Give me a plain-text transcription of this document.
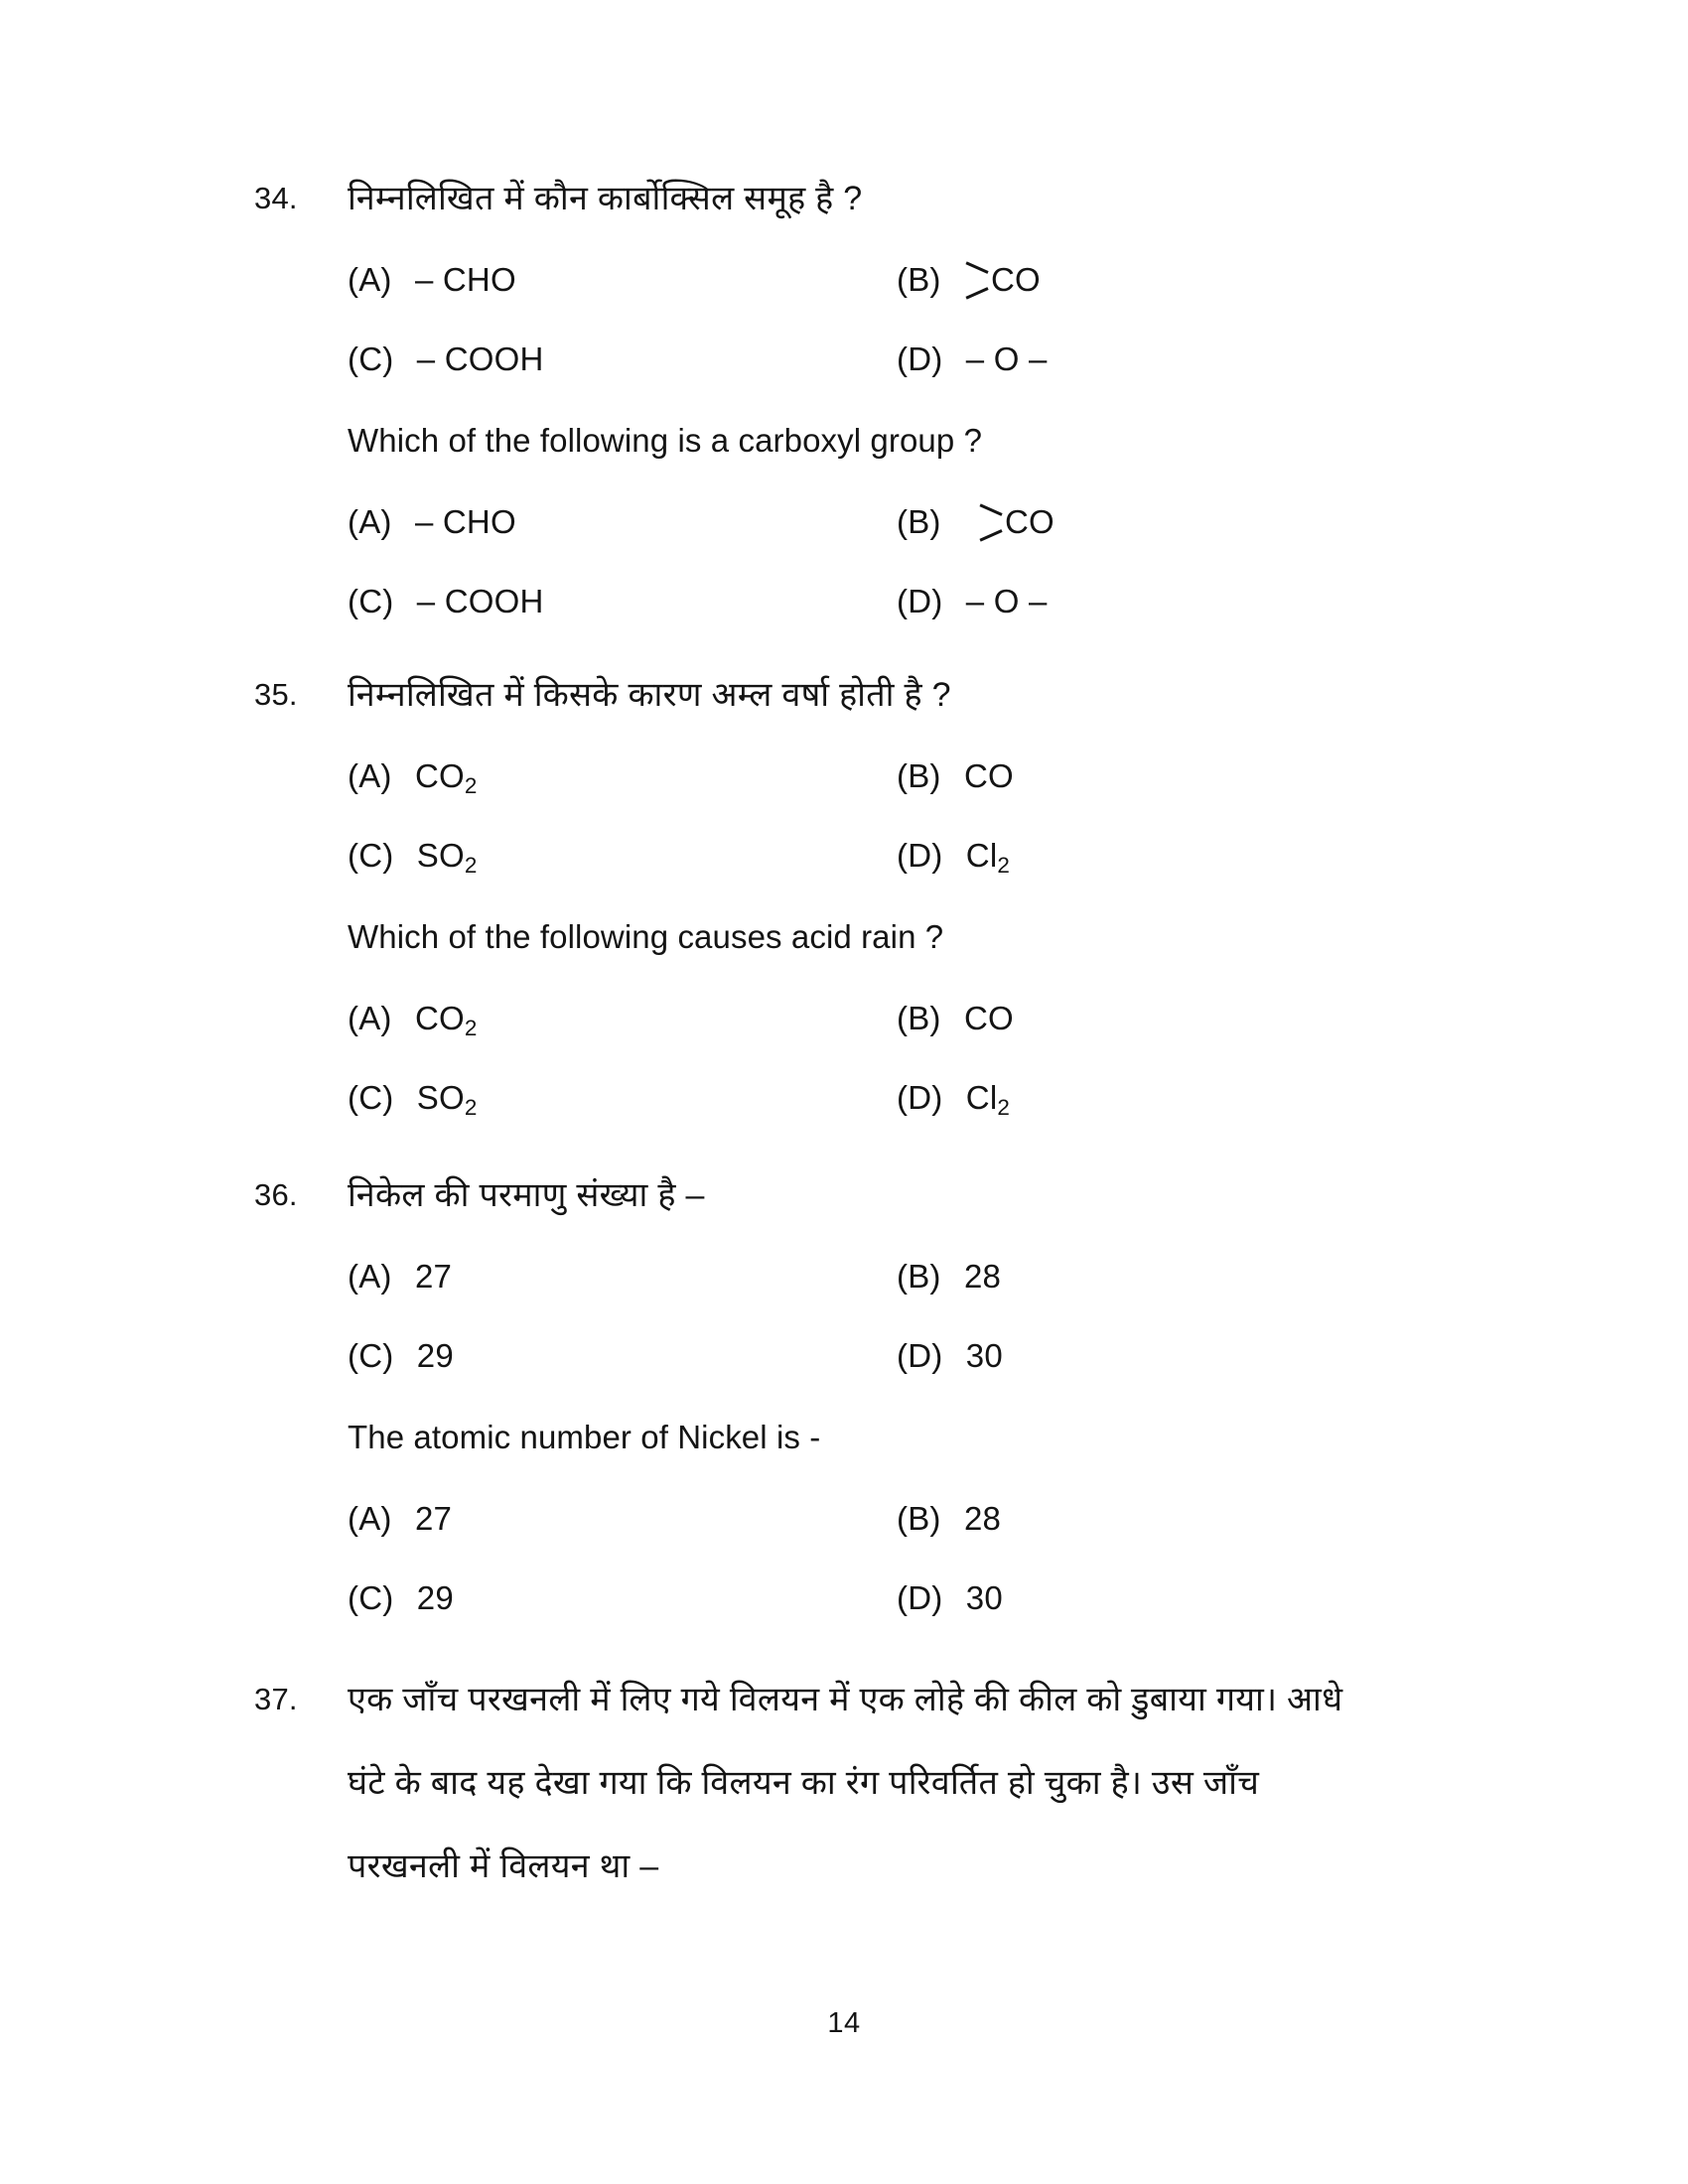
34. निम्नलिखित में कौन कार्बोक्सिल समूह है ?
(A) – CHO	(B) CO
(C) – COOH	(D) – O –
Which of the following is a carboxyl group ?
(A) – CHO	(B) CO
(C) – COOH	(D) – O –
35. निम्नलिखित में किसके कारण अम्ल वर्षा होती है ?
(A) $CO_2$	(B) CO
(C) $SO_2$	(D) $Cl_2$
Which of the following causes acid rain ?
(A) $CO_2$	(B) CO
(C) $SO_2$	(D) $Cl_2$
36. निकेल की परमाणु संख्या है –
(A) 27	(B) 28
(C) 29	(D) 30
The atomic number of Nickel is -
(A) 27	(B) 28
(C) 29	(D) 30
37. एक जाँच परखनली में लिए गये विलयन में एक लोहे की कील को डुबाया गया। आधे
घंटे के बाद यह देखा गया कि विलयन का रंग परिवर्तित हो चुका है। उस जाँच
परखनली में विलयन था –
14
